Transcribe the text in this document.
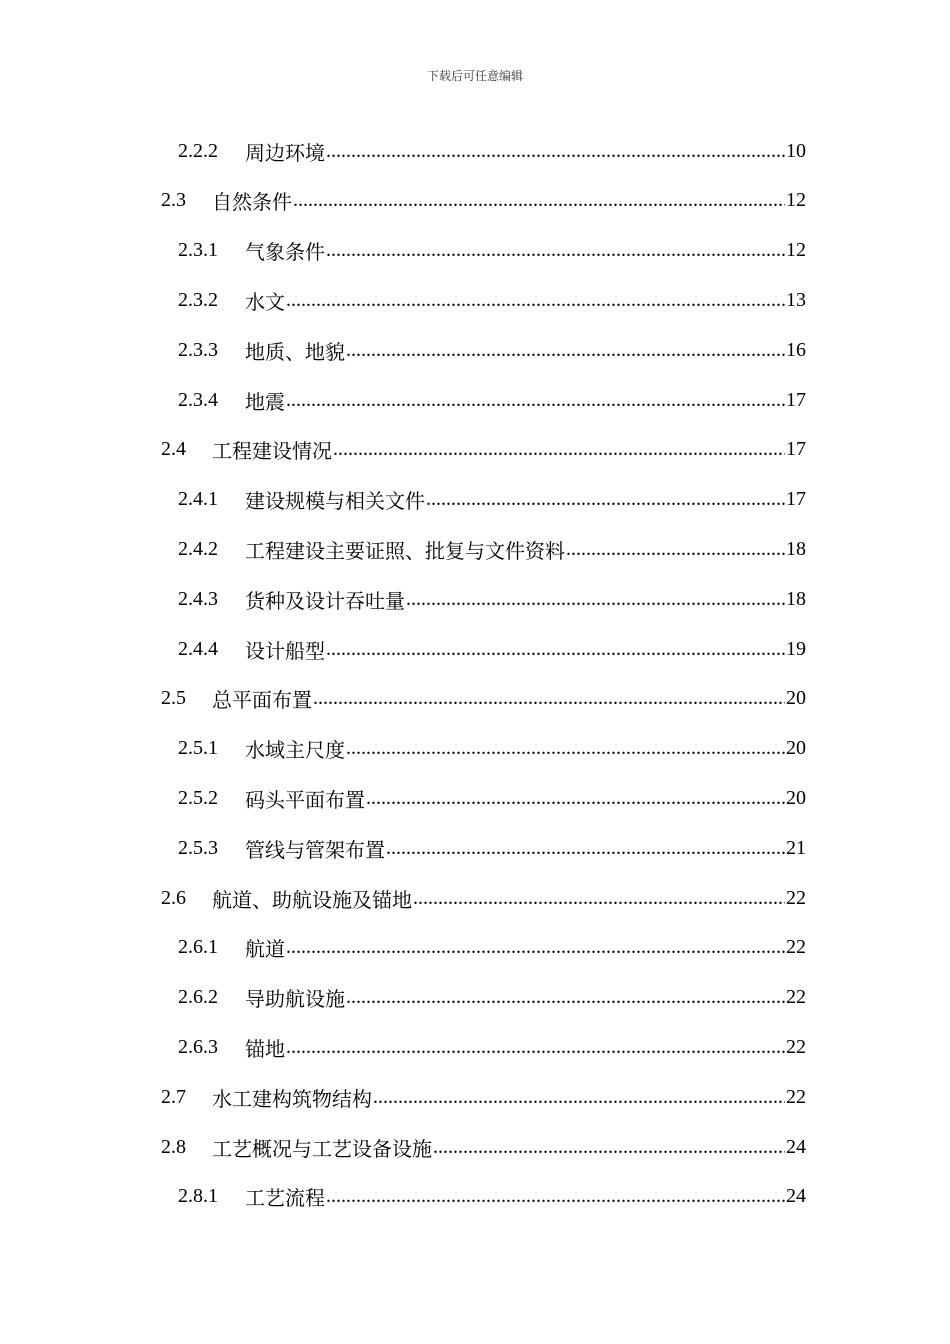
下载后可任意编辑
2.2.2	周边环境 .....	10
2.3	自然条件 .....	12
2.3.1	气象条件 .....	12
2.3.2	水文 .....	13
2.3.3	地质、地貌 .....	16
2.3.4	地震 .....	17
2.4	工程建设情况 .....	17
2.4.1	建设规模与相关文件 .....	17
2.4.2	工程建设主要证照、批复与文件资料 .....	18
2.4.3	货种及设计吞吐量 .....	18
2.4.4	设计船型 .....	19
2.5	总平面布置 .....	20
2.5.1	水域主尺度 .....	20
2.5.2	码头平面布置 .....	20
2.5.3	管线与管架布置 .....	21
2.6	航道、助航设施及锚地 .....	22
2.6.1	航道 .....	22
2.6.2	导助航设施 .....	22
2.6.3	锚地 .....	22
2.7	水工建构筑物结构 .....	22
2.8	工艺概况与工艺设备设施 .....	24
2.8.1	工艺流程 .....	24
